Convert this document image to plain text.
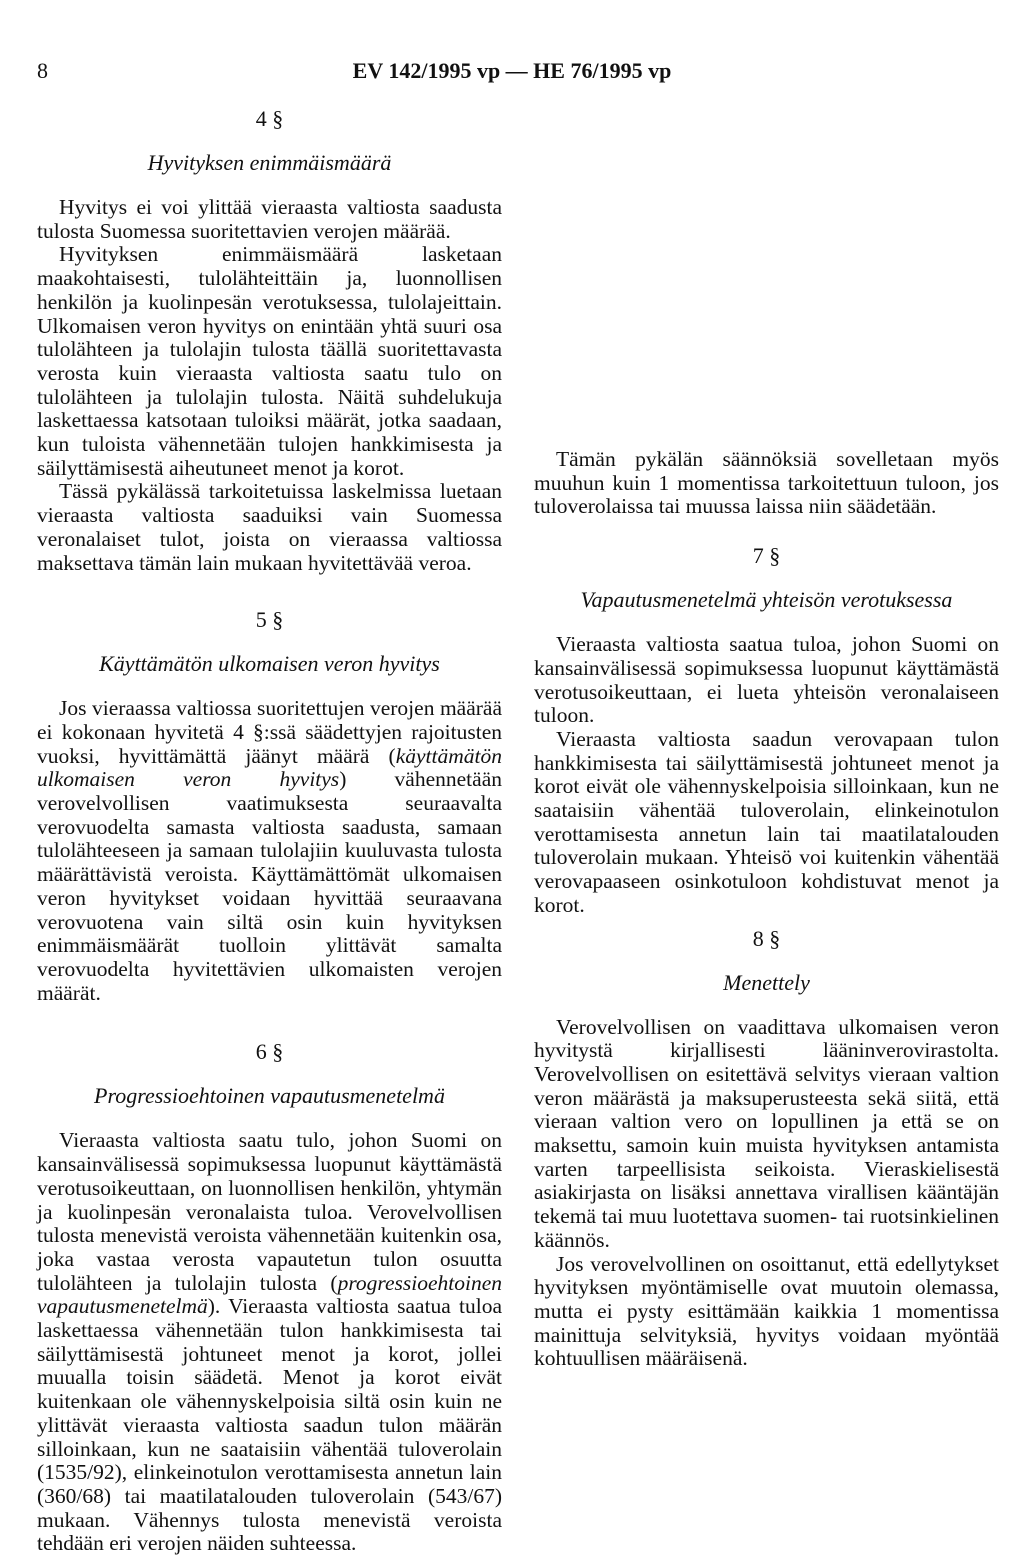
8	EV 142/1995 vp — HE 76/1995 vp
4 §
Hyvityksen enimmäismäärä

Hyvitys ei voi ylittää vieraasta valtiosta saadusta tulosta Suomessa suoritettavien verojen määrää.

Hyvityksen enimmäismäärä lasketaan maakohtaisesti, tulolähteittäin ja, luonnollisen henkilön ja kuolinpesän verotuksessa, tulolajeittain. Ulkomaisen veron hyvitys on enintään yhtä suuri osa tulolähteen ja tulolajin tulosta täällä suoritettavasta verosta kuin vieraasta valtiosta saatu tulo on tulolähteen ja tulolajin tulosta. Näitä suhdelukuja laskettaessa katsotaan tuloiksi määrät, jotka saadaan, kun tuloista vähennetään tulojen hankkimisesta ja säilyttämisestä aiheutuneet menot ja korot.

Tässä pykälässä tarkoitetuissa laskelmissa luetaan vieraasta valtiosta saaduiksi vain Suomessa veronalaiset tulot, joista on vieraassa valtiossa maksettava tämän lain mukaan hyvitettävää veroa.

5 §
Käyttämätön ulkomaisen veron hyvitys

Jos vieraassa valtiossa suoritettujen verojen määrää ei kokonaan hyvitetä 4 §:ssä säädettyjen rajoitusten vuoksi, hyvittämättä jäänyt määrä (käyttämätön ulkomaisen veron hyvitys) vähennetään verovelvollisen vaatimuksesta seuraavalta verovuodelta samasta valtiosta saadusta, samaan tulolähteeseen ja samaan tulolajiin kuuluvasta tulosta määrättävistä veroista. Käyttämättömät ulkomaisen veron hyvitykset voidaan hyvittää seuraavana verovuotena vain siltä osin kuin hyvityksen enimmäismäärät tuolloin ylittävät samalta verovuodelta hyvitettävien ulkomaisten verojen määrät.

6 §
Progressioehtoinen vapautusmenetelmä

Vieraasta valtiosta saatu tulo, johon Suomi on kansainvälisessä sopimuksessa luopunut käyttämästä verotusoikeuttaan, on luonnollisen henkilön, yhtymän ja kuolinpesän veronalaista tuloa. Verovelvollisen tulosta menevistä veroista vähennetään kuitenkin osa, joka vastaa verosta vapautetun tulon osuutta tulolähteen ja tulolajin tulosta (progressioehtoinen vapautusmenetelmä). Vieraasta valtiosta saatua tuloa laskettaessa vähennetään tulon hankkimisesta tai säilyttämisestä johtuneet menot ja korot, jollei muualla toisin säädetä. Menot ja korot eivät kuitenkaan ole vähennyskelpoisia siltä osin kuin ne ylittävät vieraasta valtiosta saadun tulon määrän silloinkaan, kun ne saataisiin vähentää tuloverolain (1535/92), elinkeinotulon verottamisesta annetun lain (360/68) tai maatilatalouden tuloverolain (543/67) mukaan. Vähennys tulosta menevistä veroista tehdään eri verojen näiden suhteessa.

Tämän pykälän säännöksiä sovelletaan myös muuhun kuin 1 momentissa tarkoitettuun tuloon, jos tuloverolaissa tai muussa laissa niin säädetään.

7 §
Vapautusmenetelmä yhteisön verotuksessa

Vieraasta valtiosta saatua tuloa, johon Suomi on kansainvälisessä sopimuksessa luopunut käyttämästä verotusoikeuttaan, ei lueta yhteisön veronalaiseen tuloon.

Vieraasta valtiosta saadun verovapaan tulon hankkimisesta tai säilyttämisestä johtuneet menot ja korot eivät ole vähennyskelpoisia silloinkaan, kun ne saataisiin vähentää tuloverolain, elinkeinotulon verottamisesta annetun lain tai maatilatalouden tuloverolain mukaan. Yhteisö voi kuitenkin vähentää verovapaaseen osinkotuloon kohdistuvat menot ja korot.

8 §
Menettely

Verovelvollisen on vaadittava ulkomaisen veron hyvitystä kirjallisesti lääninverovirastolta. Verovelvollisen on esitettävä selvitys vieraan valtion veron määrästä ja maksuperusteesta sekä siitä, että vieraan valtion vero on lopullinen ja että se on maksettu, samoin kuin muista hyvityksen antamista varten tarpeellisista seikoista. Vieraskielisestä asiakirjasta on lisäksi annettava virallisen kääntäjän tekemä tai muu luotettava suomen- tai ruotsinkielinen käännös.

Jos verovelvollinen on osoittanut, että edellytykset hyvityksen myöntämiselle ovat muutoin olemassa, mutta ei pysty esittämään kaikkia 1 momentissa mainittuja selvityksiä, hyvitys voidaan myöntää kohtuullisen määräisenä.
